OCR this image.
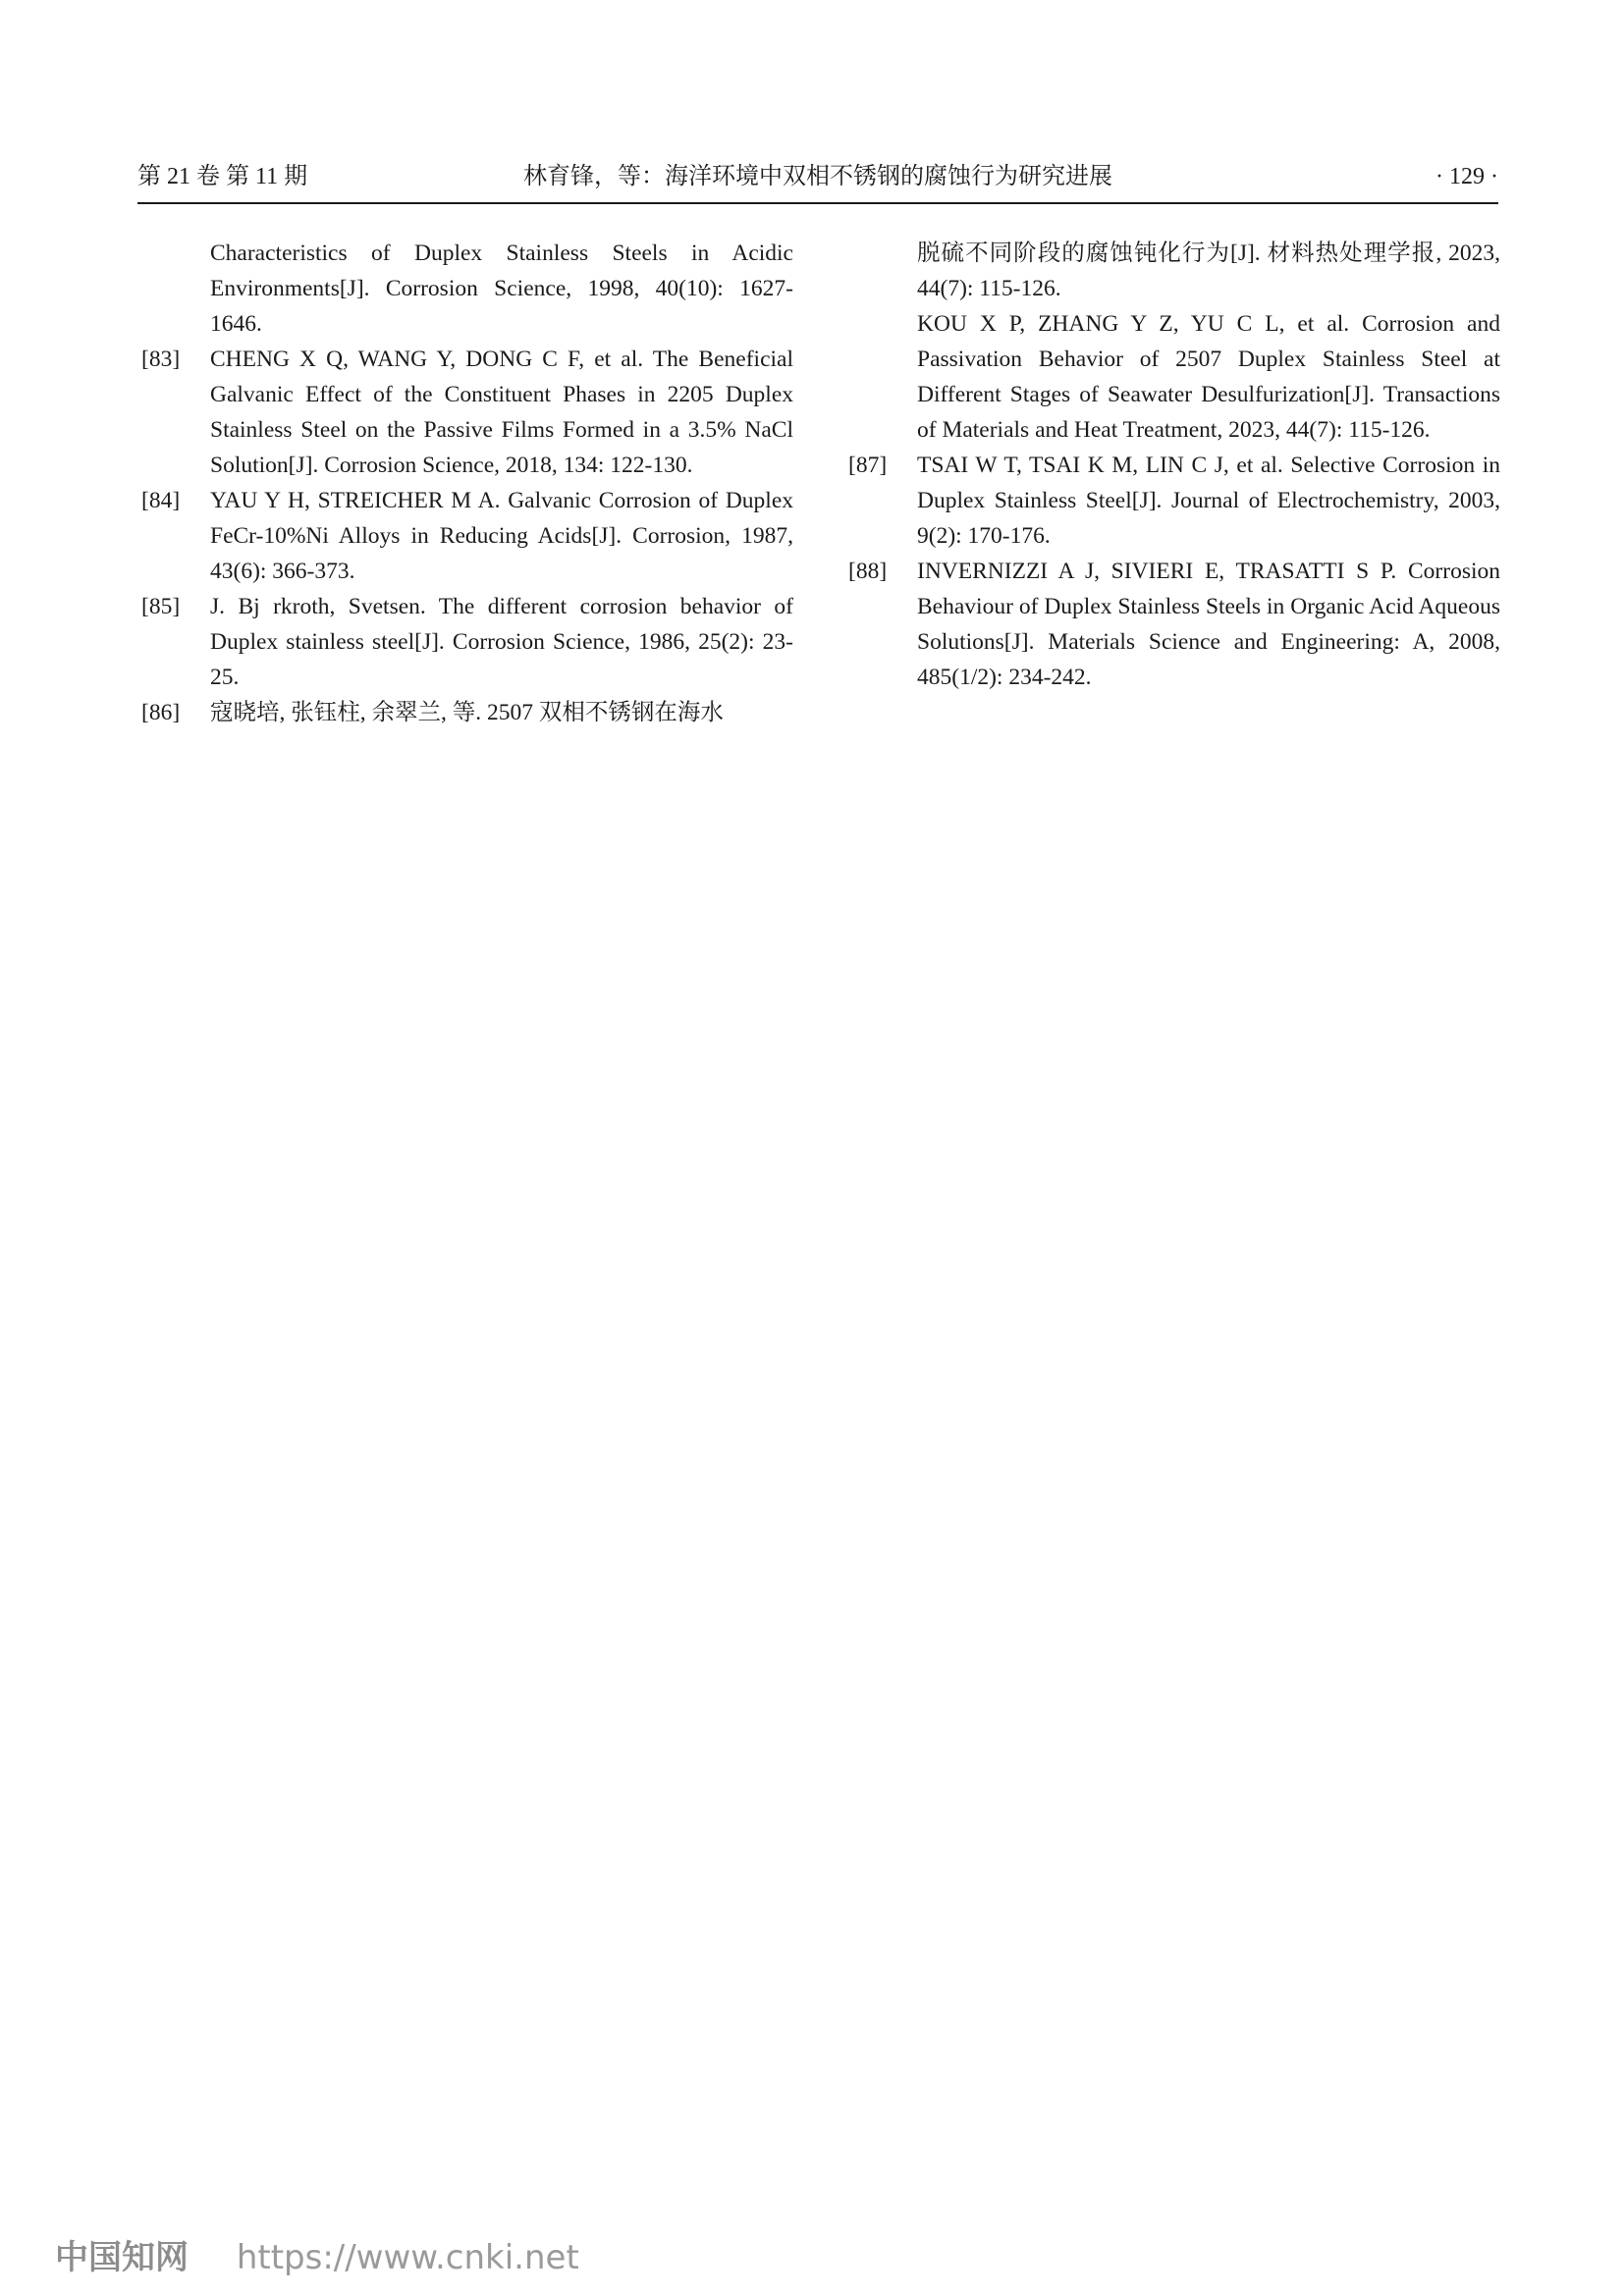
第 21 卷 第 11 期	林育锋，等：海洋环境中双相不锈钢的腐蚀行为研究进展	· 129 ·

Characteristics of Duplex Stainless Steels in Acidic Environments[J]. Corrosion Science, 1998, 40(10): 1627-1646.

[83] CHENG X Q, WANG Y, DONG C F, et al. The Beneficial Galvanic Effect of the Constituent Phases in 2205 Duplex Stainless Steel on the Passive Films Formed in a 3.5% NaCl Solution[J]. Corrosion Science, 2018, 134: 122-130.

[84] YAU Y H, STREICHER M A. Galvanic Corrosion of Duplex FeCr-10%Ni Alloys in Reducing Acids[J]. Corrosion, 1987, 43(6): 366-373.

[85] J. Bj rkroth, Svetsen. The different corrosion behavior of Duplex stainless steel[J]. Corrosion Science, 1986, 25(2): 23-25.

[86] 寇晓培, 张钰柱, 余翠兰, 等. 2507 双相不锈钢在海水

脱硫不同阶段的腐蚀钝化行为[J]. 材料热处理学报, 2023, 44(7): 115-126.

KOU X P, ZHANG Y Z, YU C L, et al. Corrosion and Passivation Behavior of 2507 Duplex Stainless Steel at Different Stages of Seawater Desulfurization[J]. Transactions of Materials and Heat Treatment, 2023, 44(7): 115-126.

[87] TSAI W T, TSAI K M, LIN C J, et al. Selective Corrosion in Duplex Stainless Steel[J]. Journal of Electrochemistry, 2003, 9(2): 170-176.

[88] INVERNIZZI A J, SIVIERI E, TRASATTI S P. Corrosion Behaviour of Duplex Stainless Steels in Organic Acid Aqueous Solutions[J]. Materials Science and Engineering: A, 2008, 485(1/2): 234-242.

中国知网 https://www.cnki.net
